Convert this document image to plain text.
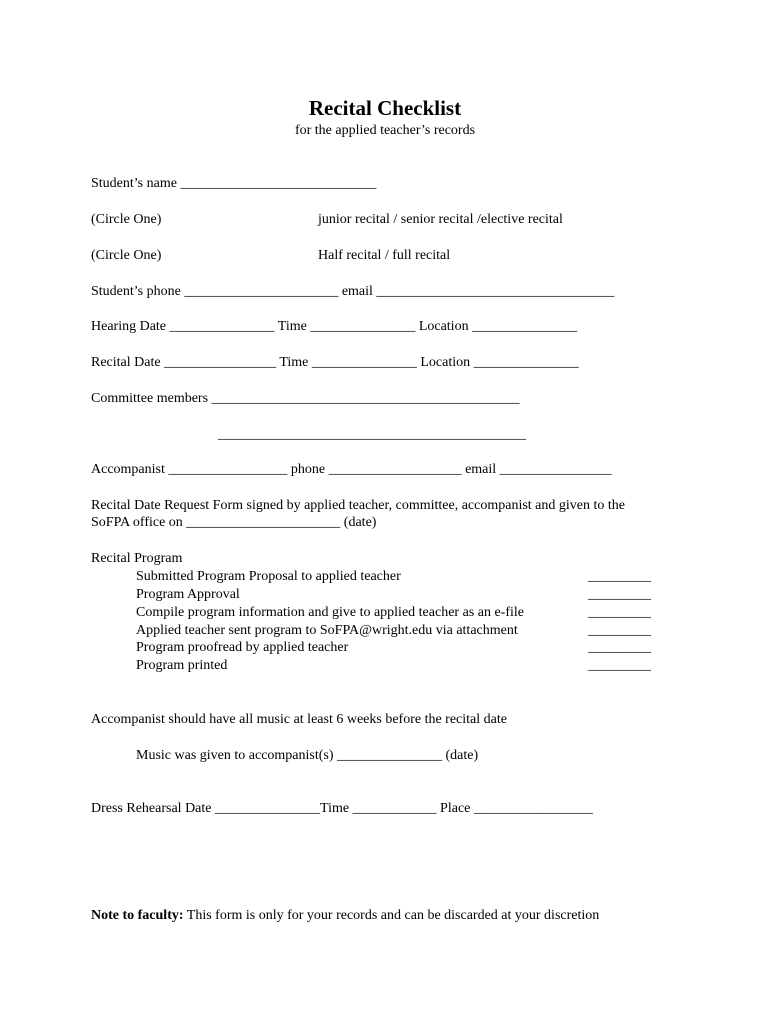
Recital Checklist
for the applied teacher’s records
Student’s name ____________________________
(Circle One)	junior recital / senior recital /elective recital
(Circle One)	Half recital / full recital
Student’s phone ______________________ email __________________________________
Hearing Date _______________ Time _______________ Location _______________
Recital Date ________________ Time _______________ Location _______________
Committee members ____________________________________________
____________________________________________
Accompanist _________________ phone ___________________ email ________________
Recital Date Request Form signed by applied teacher, committee, accompanist and given to the
SoFPA office on ______________________ (date)
Recital Program
Submitted Program Proposal to applied teacher	_________
Program Approval	_________
Compile program information and give to applied teacher as an e-file	_________
Applied teacher sent program to SoFPA@wright.edu via attachment	_________
Program proofread by applied teacher	_________
Program printed	_________
Accompanist should have all music at least 6 weeks before the recital date
Music was given to accompanist(s) _______________ (date)
Dress Rehearsal Date _______________Time ____________ Place _________________
Note to faculty: This form is only for your records and can be discarded at your discretion
